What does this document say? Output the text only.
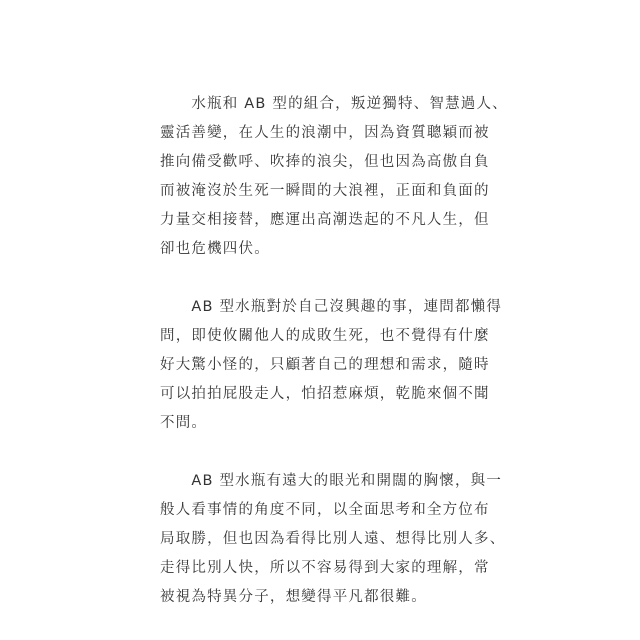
　　水瓶和 AB 型的組合，叛逆獨特、智慧過人、
靈活善變，在人生的浪潮中，因為資質聰穎而被
推向備受歡呼、吹捧的浪尖，但也因為高傲自負
而被淹沒於生死一瞬間的大浪裡，正面和負面的
力量交相接替，應運出高潮迭起的不凡人生，但
卻也危機四伏。
　　AB 型水瓶對於自己沒興趣的事，連問都懶得
問，即使攸關他人的成敗生死，也不覺得有什麼
好大驚小怪的，只顧著自己的理想和需求，隨時
可以拍拍屁股走人，怕招惹麻煩，乾脆來個不聞
不問。
　　AB 型水瓶有遠大的眼光和開闊的胸懷，與一
般人看事情的角度不同，以全面思考和全方位布
局取勝，但也因為看得比別人遠、想得比別人多、
走得比別人快，所以不容易得到大家的理解，常
被視為特異分子，想變得平凡都很難。
